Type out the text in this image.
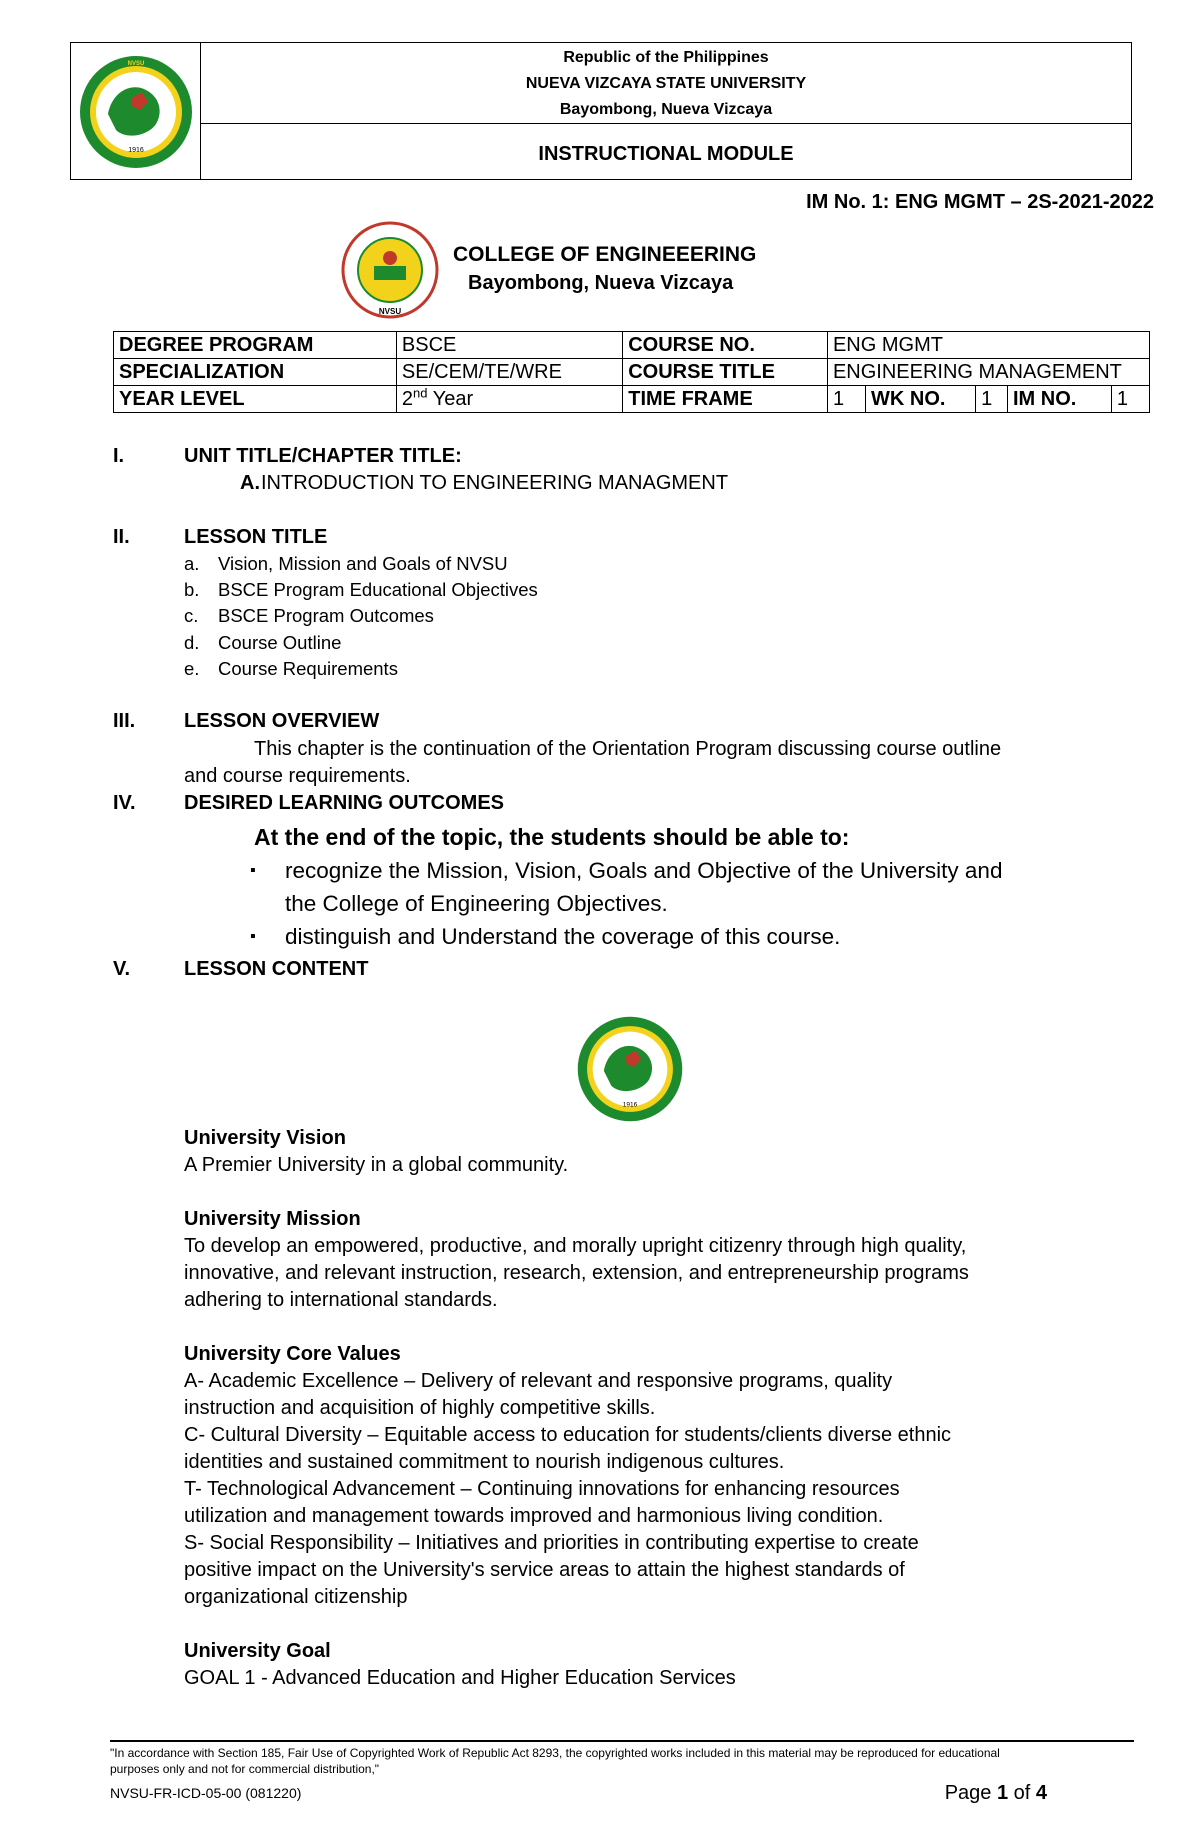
1916
NVSU	Republic of the Philippines
NUEVA VIZCAYA STATE UNIVERSITY
Bayombong, Nueva Vizcaya
INSTRUCTIONAL MODULE
IM No. 1: ENG MGMT – 2S-2021-2022
NVSU
COLLEGE OF ENGINEEERING
Bayombong, Nueva Vizcaya
DEGREE PROGRAM	BSCE	COURSE NO.	ENG MGMT				
SPECIALIZATION	SE/CEM/TE/WRE	COURSE TITLE	ENGINEERING MANAGEMENT				
YEAR LEVEL	2nd Year	TIME FRAME	1	WK NO.	1	IM NO.	1
I.	UNIT TITLE/CHAPTER TITLE:
A. INTRODUCTION TO ENGINEERING MANAGMENT
II.	LESSON TITLE
a. Vision, Mission and Goals of NVSU
b. BSCE Program Educational Objectives
c. BSCE Program Outcomes
d. Course Outline
e. Course Requirements
III. LESSON OVERVIEW
This chapter is the continuation of the Orientation Program discussing course outline
and course requirements.
IV. DESIRED LEARNING OUTCOMES
At the end of the topic, the students should be able to:
▪ recognize the Mission, Vision, Goals and Objective of the University and
the College of Engineering Objectives.
▪ distinguish and Understand the coverage of this course.
V.	LESSON CONTENT
1916
University Vision
A Premier University in a global community.
University Mission
To develop an empowered, productive, and morally upright citizenry through high quality,
innovative, and relevant instruction, research, extension, and entrepreneurship programs
adhering to international standards.
University Core Values
A- Academic Excellence – Delivery of relevant and responsive programs, quality
instruction and acquisition of highly competitive skills.
C- Cultural Diversity – Equitable access to education for students/clients diverse ethnic
identities and sustained commitment to nourish indigenous cultures.
T- Technological Advancement – Continuing innovations for enhancing resources
utilization and management towards improved and harmonious living condition.
S- Social Responsibility – Initiatives and priorities in contributing expertise to create
positive impact on the University's service areas to attain the highest standards of
organizational citizenship
University Goal
GOAL 1 - Advanced Education and Higher Education Services
"In accordance with Section 185, Fair Use of Copyrighted Work of Republic Act 8293, the copyrighted works included in this material may be reproduced for educational
purposes only and not for commercial distribution,"
NVSU-FR-ICD-05-00 (081220)	Page 1 of 4
